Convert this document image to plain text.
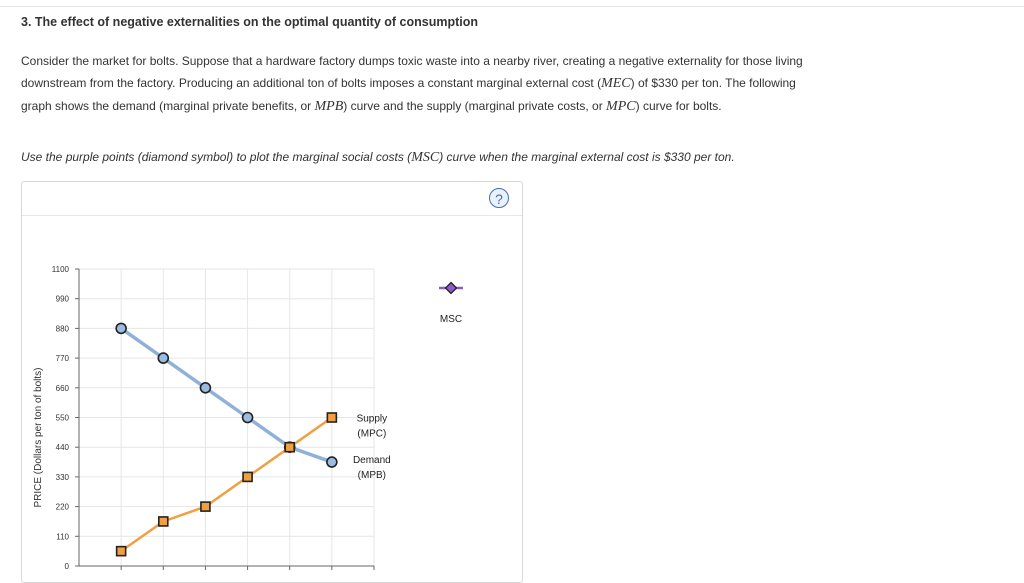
3. The effect of negative externalities on the optimal quantity of consumption
Consider the market for bolts. Suppose that a hardware factory dumps toxic waste into a nearby river, creating a negative externality for those living
downstream from the factory. Producing an additional ton of bolts imposes a constant marginal external cost (MEC) of $330 per ton. The following
graph shows the demand (marginal private benefits, or MPB) curve and the supply (marginal private costs, or MPC) curve for bolts.
Use the purple points (diamond symbol) to plot the marginal social costs (MSC) curve when the marginal external cost is $330 per ton.
?
0
110
220
330
440
550
660
770
880
990
1100
PRICE (Dollars per ton of bolts)	Supply
(MPC)
Demand
(MPB)
MSC
